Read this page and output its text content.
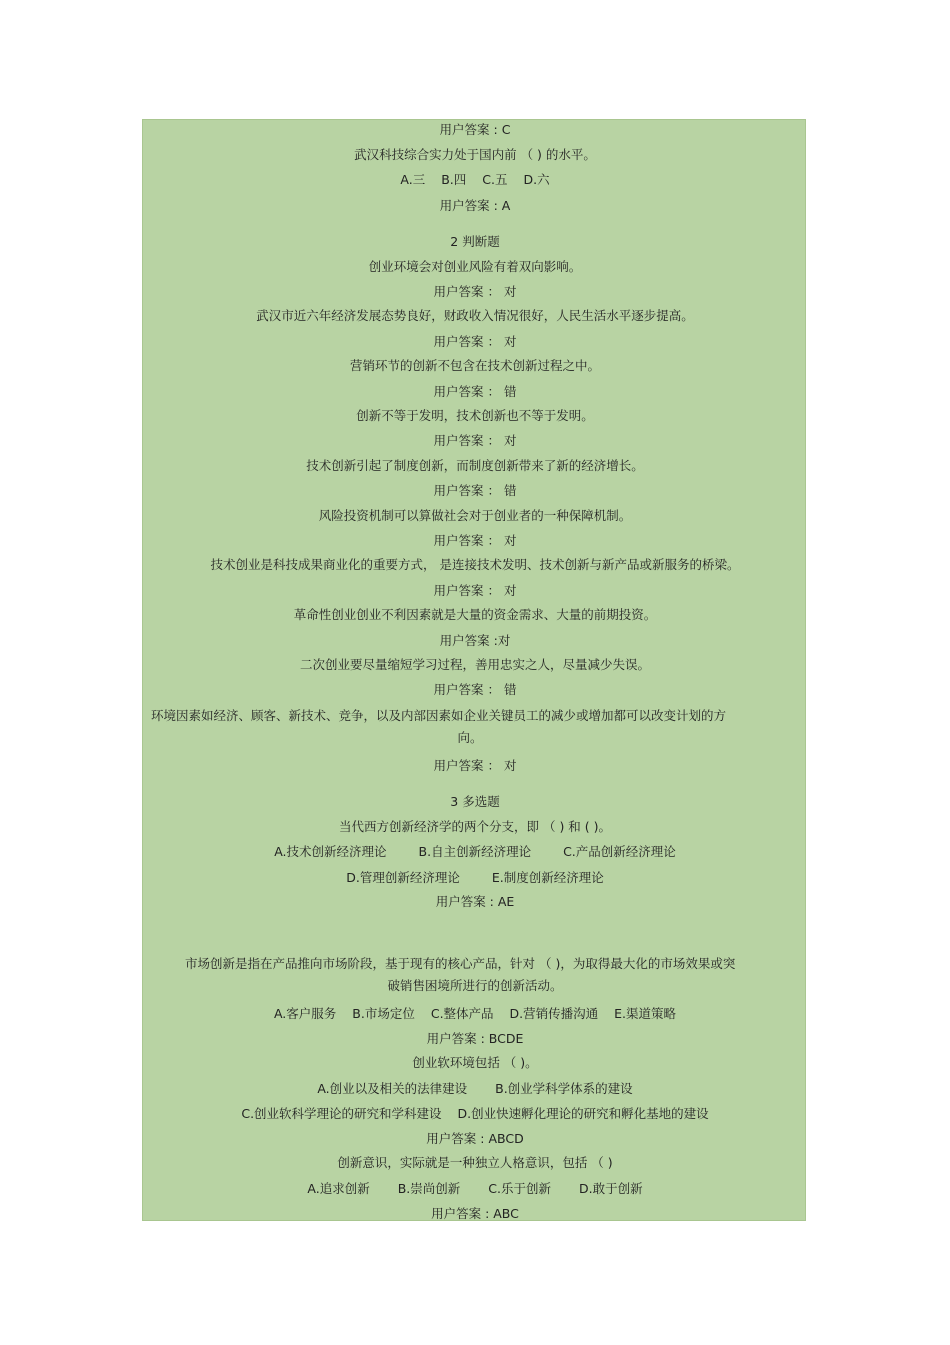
用户答案 : C
武汉科技综合实力处于国内前 （ ) 的水平。
A.三 B.四 C.五 D.六
用户答案 : A
2 判断题
创业环境会对创业风险有着双向影响。
用户答案 ： 对
武汉市近六年经济发展态势良好，财政收入情况很好，人民生活水平逐步提高。
用户答案 ： 对
营销环节的创新不包含在技术创新过程之中。
用户答案 ： 错
创新不等于发明，技术创新也不等于发明。
用户答案 ： 对
技术创新引起了制度创新，而制度创新带来了新的经济增长。
用户答案 ： 错
风险投资机制可以算做社会对于创业者的一种保障机制。
用户答案 ： 对
技术创业是科技成果商业化的重要方式， 是连接技术发明、技术创新与新产品或新服务的桥梁。
用户答案 ： 对
革命性创业创业不利因素就是大量的资金需求、大量的前期投资。
用户答案 :对
二次创业要尽量缩短学习过程，善用忠实之人，尽量减少失误。
用户答案 ： 错
环境因素如经济、顾客、新技术、竞争，以及内部因素如企业关键员工的减少或增加都可以改变计划的方
向。
用户答案 ： 对
3 多选题
当代西方创新经济学的两个分支，即 （ ) 和 ( )。
A.技术创新经济理论	B.自主创新经济理论	C.产品创新经济理论
D.管理创新经济理论	E.制度创新经济理论
用户答案 : AE
市场创新是指在产品推向市场阶段，基于现有的核心产品，针对 （ )，为取得最大化的市场效果或突
破销售困境所进行的创新活动。
A.客户服务 B.市场定位 C.整体产品 D.营销传播沟通 E.渠道策略
用户答案 : BCDE
创业软环境包括 （ )。
A.创业以及相关的法律建设 B.创业学科学体系的建设
C.创业软科学理论的研究和学科建设 D.创业快速孵化理论的研究和孵化基地的建设
用户答案 : ABCD
创新意识，实际就是一种独立人格意识，包括 （ )
A.追求创新 B.崇尚创新 C.乐于创新 D.敢于创新
用户答案 : ABC
